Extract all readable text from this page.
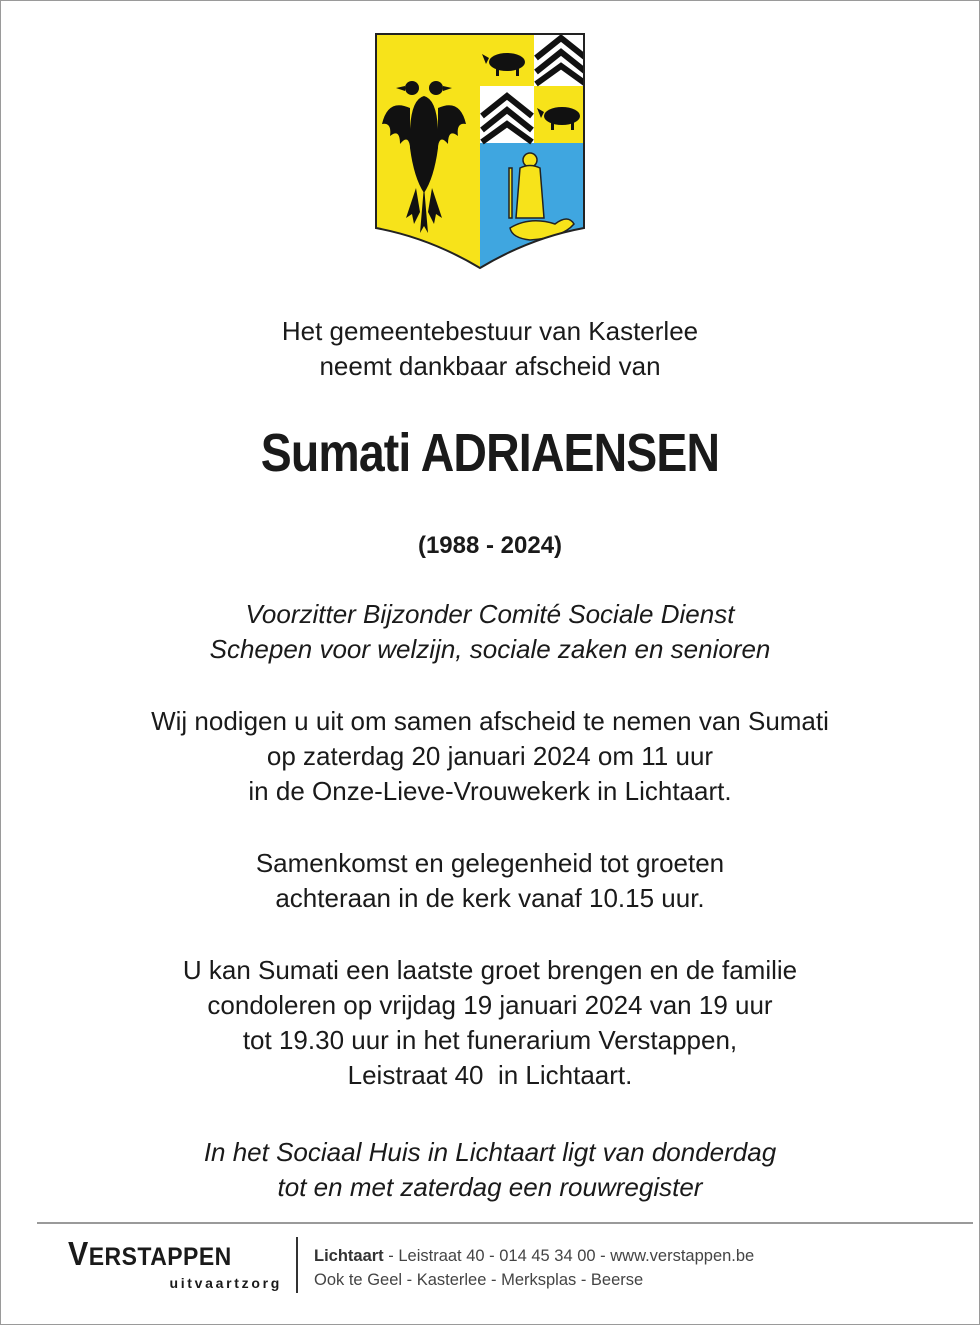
Het gemeentebestuur van Kasterlee
neemt dankbaar afscheid van
Sumati ADRIAENSEN
(1988 - 2024)
Voorzitter Bijzonder Comité Sociale Dienst
Schepen voor welzijn, sociale zaken en senioren
Wij nodigen u uit om samen afscheid te nemen van Sumati
op zaterdag 20 januari 2024 om 11 uur
in de Onze-Lieve-Vrouwekerk in Lichtaart.
Samenkomst en gelegenheid tot groeten
achteraan in de kerk vanaf 10.15 uur.
U kan Sumati een laatste groet brengen en de familie
condoleren op vrijdag 19 januari 2024 van 19 uur
tot 19.30 uur in het funerarium Verstappen,
Leistraat 40  in Lichtaart.
In het Sociaal Huis in Lichtaart ligt van donderdag
tot en met zaterdag een rouwregister
VERSTAPPEN
uitvaartzorg
Lichtaart - Leistraat 40 - 014 45 34 00 - www.verstappen.be
Ook te Geel - Kasterlee - Merksplas - Beerse
